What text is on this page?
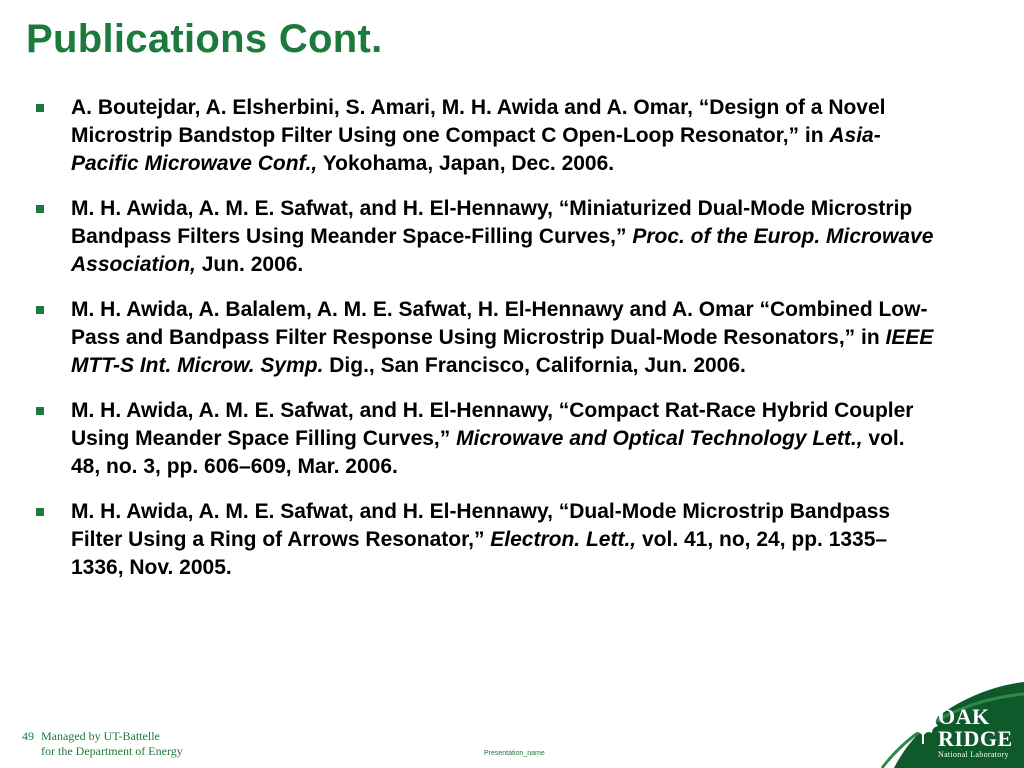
Publications Cont.
A. Boutejdar, A. Elsherbini, S. Amari, M. H. Awida and A. Omar, “Design of a Novel Microstrip Bandstop Filter Using one Compact C Open-Loop Resonator,” in Asia-Pacific Microwave Conf., Yokohama, Japan, Dec. 2006.
M. H. Awida, A. M. E. Safwat, and H. El-Hennawy, “Miniaturized Dual-Mode Microstrip Bandpass Filters Using Meander Space-Filling Curves,” Proc. of the Europ. Microwave Association, Jun. 2006.
M. H. Awida, A. Balalem, A. M. E. Safwat, H. El-Hennawy and A. Omar “Combined Low-Pass and Bandpass Filter Response Using Microstrip Dual-Mode Resonators,” in IEEE MTT-S Int. Microw. Symp. Dig., San Francisco, California, Jun. 2006.
M. H. Awida, A. M. E. Safwat, and H. El-Hennawy, “Compact Rat-Race Hybrid Coupler Using Meander Space Filling Curves,” Microwave and Optical Technology Lett., vol. 48, no. 3, pp. 606–609, Mar. 2006.
M. H. Awida, A. M. E. Safwat, and H. El-Hennawy, “Dual-Mode Microstrip Bandpass Filter Using a Ring of Arrows Resonator,” Electron. Lett., vol. 41, no, 24, pp. 1335–1336, Nov. 2005.
49 Managed by UT-Battelle
for the Department of Energy	Presentation_name
OAK
RIDGE
National Laboratory
